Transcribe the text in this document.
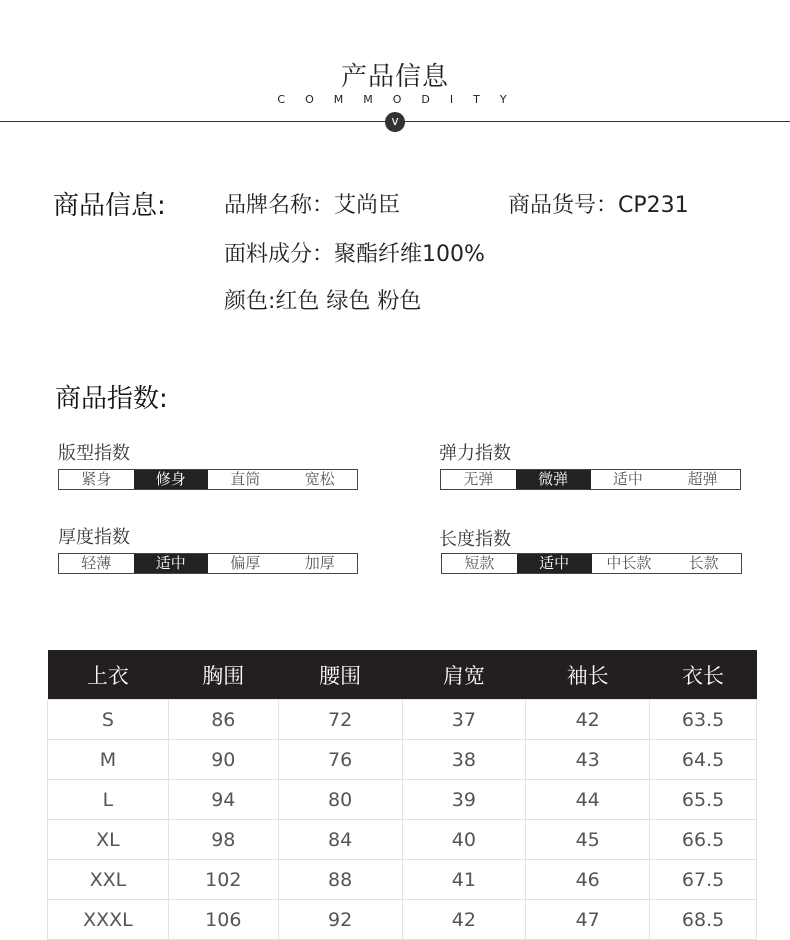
产品信息
COMMODITY
v
商品信息:	品牌名称：艾尚臣	商品货号：CP231
面料成分：聚酯纤维100%
颜色:红色 绿色 粉色
商品指数:
版型指数
紧身	修身	直筒	宽松
弹力指数
无弹	微弹	适中	超弹
厚度指数
轻薄	适中	偏厚	加厚
长度指数
短款	适中	中长款	长款
上衣	胸围	腰围	肩宽	袖长	衣长
S	86	72	37	42	63.5
M	90	76	38	43	64.5
L	94	80	39	44	65.5
XL	98	84	40	45	66.5
XXL	102	88	41	46	67.5
XXXL	106	92	42	47	68.5
